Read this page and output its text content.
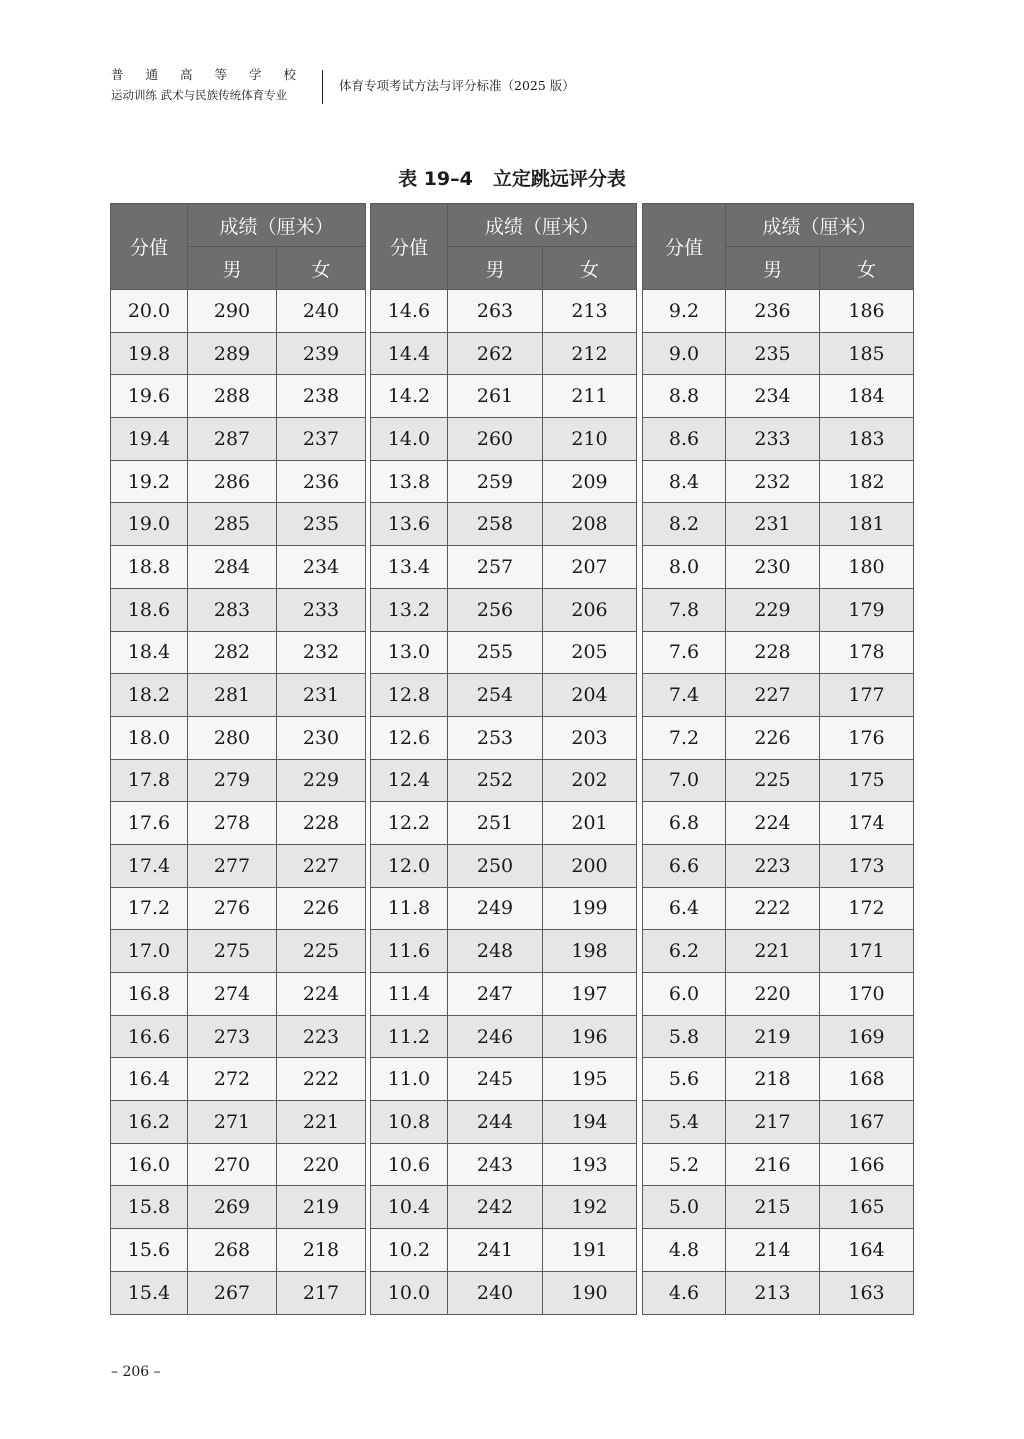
普通高等学校
运动训练 武术与民族传统体育专业
体育专项考试方法与评分标准（2025 版）
表 19–4 立定跳远评分表
分值	成绩（厘米）	
	男	女
20.0	290	240
19.8	289	239
19.6	288	238
19.4	287	237
19.2	286	236
19.0	285	235
18.8	284	234
18.6	283	233
18.4	282	232
18.2	281	231
18.0	280	230
17.8	279	229
17.6	278	228
17.4	277	227
17.2	276	226
17.0	275	225
16.8	274	224
16.6	273	223
16.4	272	222
16.2	271	221
16.0	270	220
15.8	269	219
15.6	268	218
15.4	267	217
分值	成绩（厘米）	
	男	女
14.6	263	213
14.4	262	212
14.2	261	211
14.0	260	210
13.8	259	209
13.6	258	208
13.4	257	207
13.2	256	206
13.0	255	205
12.8	254	204
12.6	253	203
12.4	252	202
12.2	251	201
12.0	250	200
11.8	249	199
11.6	248	198
11.4	247	197
11.2	246	196
11.0	245	195
10.8	244	194
10.6	243	193
10.4	242	192
10.2	241	191
10.0	240	190
分值	成绩（厘米）	
	男	女
9.2	236	186
9.0	235	185
8.8	234	184
8.6	233	183
8.4	232	182
8.2	231	181
8.0	230	180
7.8	229	179
7.6	228	178
7.4	227	177
7.2	226	176
7.0	225	175
6.8	224	174
6.6	223	173
6.4	222	172
6.2	221	171
6.0	220	170
5.8	219	169
5.6	218	168
5.4	217	167
5.2	216	166
5.0	215	165
4.8	214	164
4.6	213	163
– 206 –
